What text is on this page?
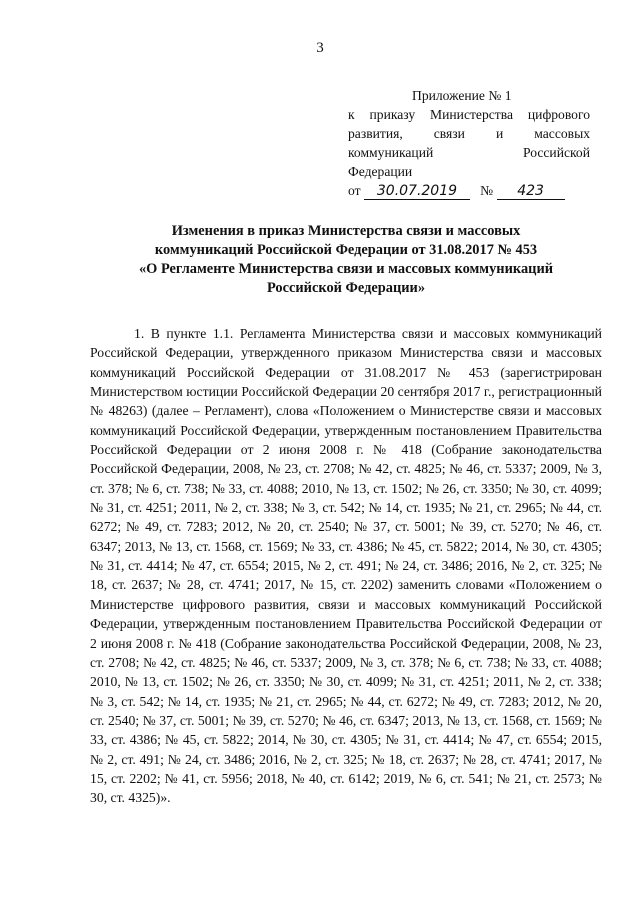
3
Приложение № 1
к приказу Министерства цифрового
развития, связи и массовых
коммуникаций Российской
Федерации
от 30.07.2019 № 423
Изменения в приказ Министерства связи и массовых
коммуникаций Российской Федерации от 31.08.2017 № 453
«О Регламенте Министерства связи и массовых коммуникаций
Российской Федерации»

1. В пункте 1.1. Регламента Министерства связи и массовых коммуникаций Российской Федерации, утвержденного приказом Министерства связи и массовых коммуникаций Российской Федерации от 31.08.2017 № 453 (зарегистрирован Министерством юстиции Российской Федерации 20 сентября 2017 г., регистрационный № 48263) (далее – Регламент), слова «Положением о Министерстве связи и массовых коммуникаций Российской Федерации, утвержденным постановлением Правительства Российской Федерации от 2 июня 2008 г. № 418 (Собрание законодательства Российской Федерации, 2008, № 23, ст. 2708; № 42, ст. 4825; № 46, ст. 5337; 2009, № 3, ст. 378; № 6, ст. 738; № 33, ст. 4088; 2010, № 13, ст. 1502; № 26, ст. 3350; № 30, ст. 4099; № 31, ст. 4251; 2011, № 2, ст. 338; № 3, ст. 542; № 14, ст. 1935; № 21, ст. 2965; № 44, ст. 6272; № 49, ст. 7283; 2012, № 20, ст. 2540; № 37, ст. 5001; № 39, ст. 5270; № 46, ст. 6347; 2013, № 13, ст. 1568, ст. 1569; № 33, ст. 4386; № 45, ст. 5822; 2014, № 30, ст. 4305; № 31, ст. 4414; № 47, ст. 6554; 2015, № 2, ст. 491; № 24, ст. 3486; 2016, № 2, ст. 325; № 18, ст. 2637; № 28, ст. 4741; 2017, № 15, ст. 2202) заменить словами «Положением о Министерстве цифрового развития, связи и массовых коммуникаций Российской Федерации, утвержденным постановлением Правительства Российской Федерации от 2 июня 2008 г. № 418 (Собрание законодательства Российской Федерации, 2008, № 23, ст. 2708; № 42, ст. 4825; № 46, ст. 5337; 2009, № 3, ст. 378; № 6, ст. 738; № 33, ст. 4088; 2010, № 13, ст. 1502; № 26, ст. 3350; № 30, ст. 4099; № 31, ст. 4251; 2011, № 2, ст. 338; № 3, ст. 542; № 14, ст. 1935; № 21, ст. 2965; № 44, ст. 6272; № 49, ст. 7283; 2012, № 20, ст. 2540; № 37, ст. 5001; № 39, ст. 5270; № 46, ст. 6347; 2013, № 13, ст. 1568, ст. 1569; № 33, ст. 4386; № 45, ст. 5822; 2014, № 30, ст. 4305; № 31, ст. 4414; № 47, ст. 6554; 2015, № 2, ст. 491; № 24, ст. 3486; 2016, № 2, ст. 325; № 18, ст. 2637; № 28, ст. 4741; 2017, № 15, ст. 2202; № 41, ст. 5956; 2018, № 40, ст. 6142; 2019, № 6, ст. 541; № 21, ст. 2573; № 30, ст. 4325)».
